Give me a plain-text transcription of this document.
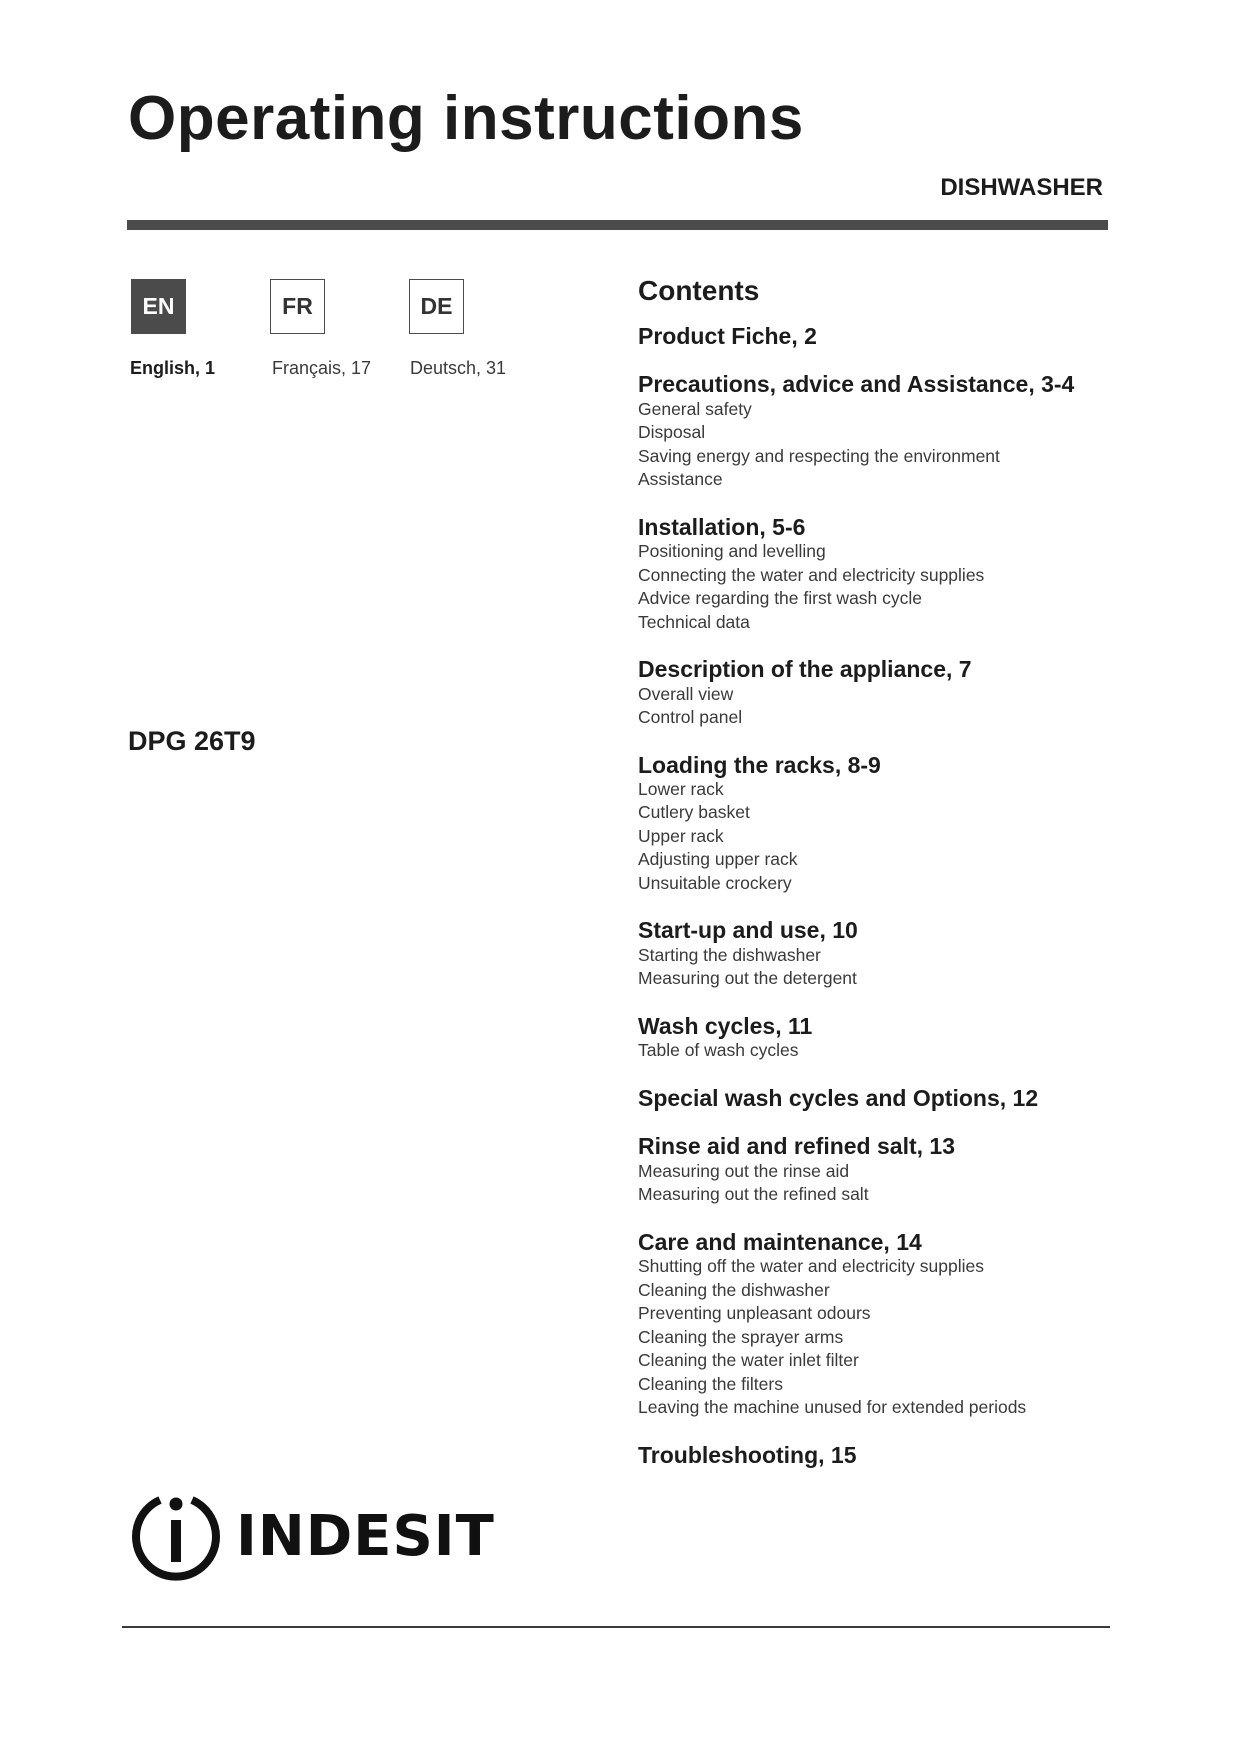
Operating instructions
DISHWASHER
EN	FR	DE
English, 1	Français, 17 Deutsch, 31
DPG 26T9
Contents
Product Fiche, 2
Precautions, advice and Assistance, 3-4
General safety
Disposal
Saving energy and respecting the environment
Assistance
Installation, 5-6
Positioning and levelling
Connecting the water and electricity supplies
Advice regarding the first wash cycle
Technical data
Description of the appliance, 7
Overall view
Control panel
Loading the racks, 8-9
Lower rack
Cutlery basket
Upper rack
Adjusting upper rack
Unsuitable crockery
Start-up and use, 10
Starting the dishwasher
Measuring out the detergent
Wash cycles, 11
Table of wash cycles
Special wash cycles and Options, 12
Rinse aid and refined salt, 13
Measuring out the rinse aid
Measuring out the refined salt
Care and maintenance, 14
Shutting off the water and electricity supplies
Cleaning the dishwasher
Preventing unpleasant odours
Cleaning the sprayer arms
Cleaning the water inlet filter
Cleaning the filters
Leaving the machine unused for extended periods
Troubleshooting, 15
INDESIT
